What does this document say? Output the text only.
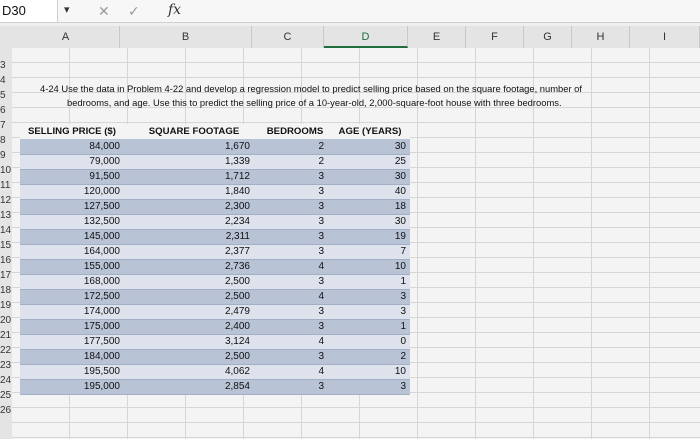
D30	▾ ✕ ✓ fx
A	B	C	D	E	F	G	H	I
3
4
5
6
7
8
9
10
11
12
13
14
15
16
17
18
19
20
21
22
23
24
25
26
4-24 Use the data in Problem 4-22 and develop a regression model to predict selling price based on the square footage, number of
bedrooms, and age. Use this to predict the selling price of a 10-year-old, 2,000-square-foot house with three bedrooms.
SELLING PRICE ($)	SQUARE FOOTAGE	BEDROOMS	AGE (YEARS)
84,000	1,670	2	30
79,000	1,339	2	25
91,500	1,712	3	30
120,000	1,840	3	40
127,500	2,300	3	18
132,500	2,234	3	30
145,000	2,311	3	19
164,000	2,377	3	7
155,000	2,736	4	10
168,000	2,500	3	1
172,500	2,500	4	3
174,000	2,479	3	3
175,000	2,400	3	1
177,500	3,124	4	0
184,000	2,500	3	2
195,500	4,062	4	10
195,000	2,854	3	3
